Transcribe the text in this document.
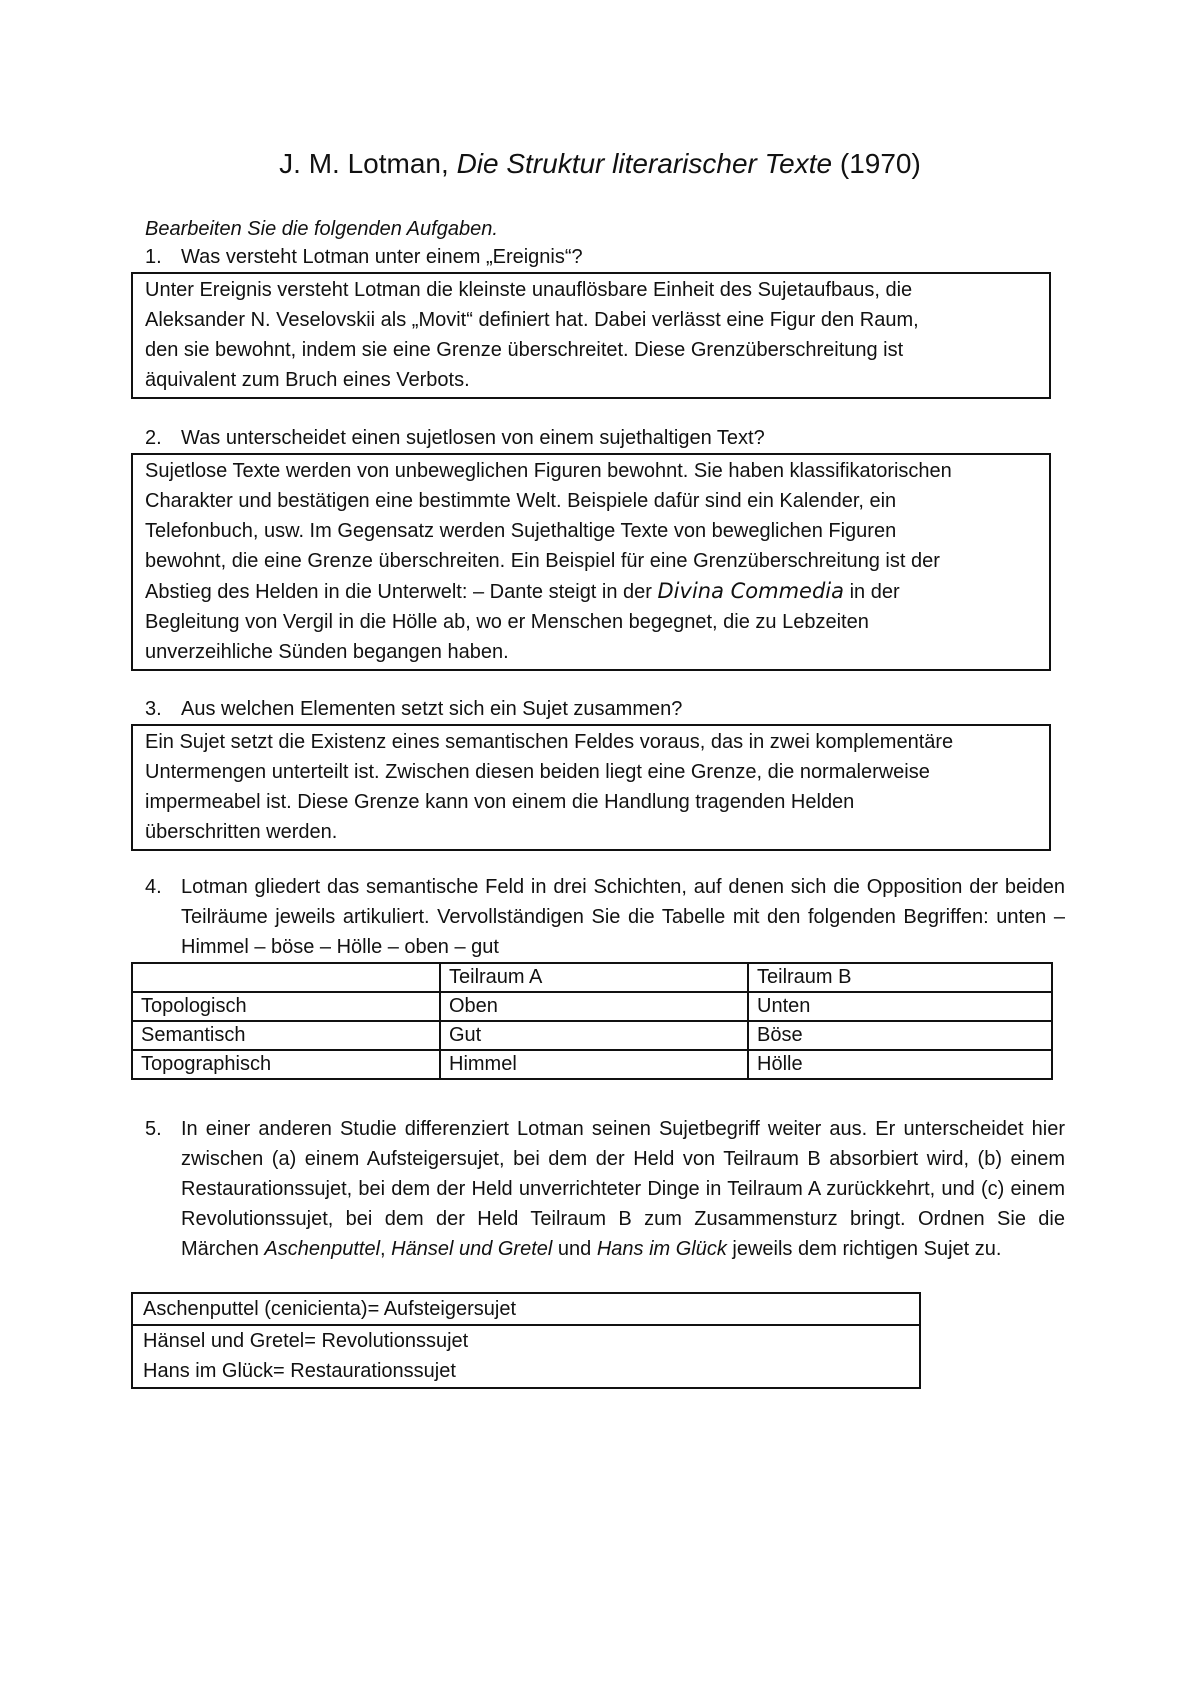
J. M. Lotman, Die Struktur literarischer Texte (1970)
Bearbeiten Sie die folgenden Aufgaben.
1. Was versteht Lotman unter einem „Ereignis“?
Unter Ereignis versteht Lotman die kleinste unauflösbare Einheit des Sujetaufbaus, die
Aleksander N. Veselovskii als „Movit“ definiert hat. Dabei verlässt eine Figur den Raum,
den sie bewohnt, indem sie eine Grenze überschreitet. Diese Grenzüberschreitung ist
äquivalent zum Bruch eines Verbots.
2. Was unterscheidet einen sujetlosen von einem sujethaltigen Text?
Sujetlose Texte werden von unbeweglichen Figuren bewohnt. Sie haben klassifikatorischen
Charakter und bestätigen eine bestimmte Welt. Beispiele dafür sind ein Kalender, ein
Telefonbuch, usw. Im Gegensatz werden Sujethaltige Texte von beweglichen Figuren
bewohnt, die eine Grenze überschreiten. Ein Beispiel für eine Grenzüberschreitung ist der
Abstieg des Helden in die Unterwelt: – Dante steigt in der Divina Commedia in der
Begleitung von Vergil in die Hölle ab, wo er Menschen begegnet, die zu Lebzeiten
unverzeihliche Sünden begangen haben.
3. Aus welchen Elementen setzt sich ein Sujet zusammen?
Ein Sujet setzt die Existenz eines semantischen Feldes voraus, das in zwei komplementäre
Untermengen unterteilt ist. Zwischen diesen beiden liegt eine Grenze, die normalerweise
impermeabel ist. Diese Grenze kann von einem die Handlung tragenden Helden
überschritten werden.
4. Lotman gliedert das semantische Feld in drei Schichten, auf denen sich die Opposition der beiden Teilräume jeweils artikuliert. Vervollständigen Sie die Tabelle mit den folgenden Begriffen: unten – Himmel – böse – Hölle – oben – gut
	Teilraum A	Teilraum B
Topologisch	Oben	Unten
Semantisch	Gut	Böse
Topographisch	Himmel	Hölle
5. In einer anderen Studie differenziert Lotman seinen Sujetbegriff weiter aus. Er unterscheidet hier zwischen (a) einem Aufsteigersujet, bei dem der Held von Teilraum B absorbiert wird, (b) einem Restaurationssujet, bei dem der Held unverrichteter Dinge in Teilraum A zurückkehrt, und (c) einem Revolutionssujet, bei dem der Held Teilraum B zum Zusammensturz bringt. Ordnen Sie die Märchen Aschenputtel, Hänsel und Gretel und Hans im Glück jeweils dem richtigen Sujet zu.
Aschenputtel (cenicienta)= Aufsteigersujet
Hänsel und Gretel= Revolutionssujet
Hans im Glück= Restaurationssujet
